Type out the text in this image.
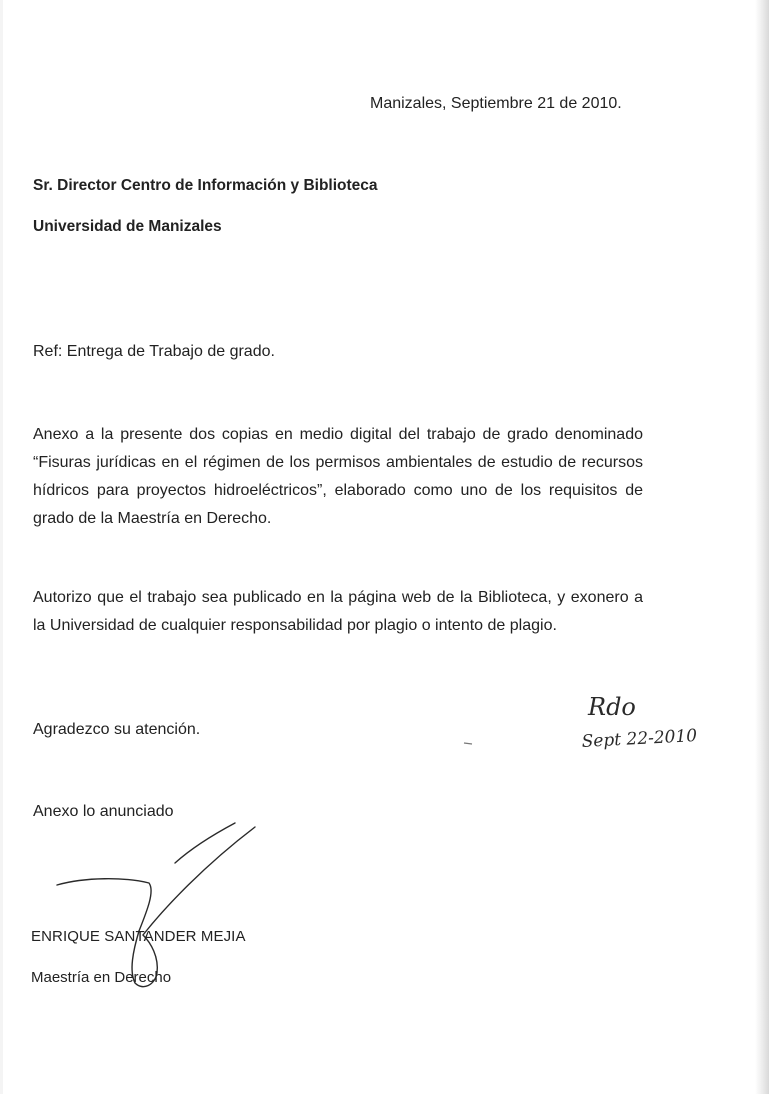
Manizales, Septiembre 21 de 2010.

Sr. Director Centro de Información y Biblioteca

Universidad de Manizales

Ref: Entrega de Trabajo de grado.

Anexo a la presente dos copias en medio digital del trabajo de grado denominado “Fisuras jurídicas en el régimen de los permisos ambientales de estudio de recursos hídricos para proyectos hidroeléctricos”, elaborado como uno de los requisitos de grado de la Maestría en Derecho.

Autorizo que el trabajo sea publicado en la página web de la Biblioteca, y exonero a la Universidad de cualquier responsabilidad por plagio o intento de plagio.

Agradezco su atención.

Rdo
Sept 22-2010

Anexo lo anunciado

ENRIQUE SANTANDER MEJIA

Maestría en Derecho
